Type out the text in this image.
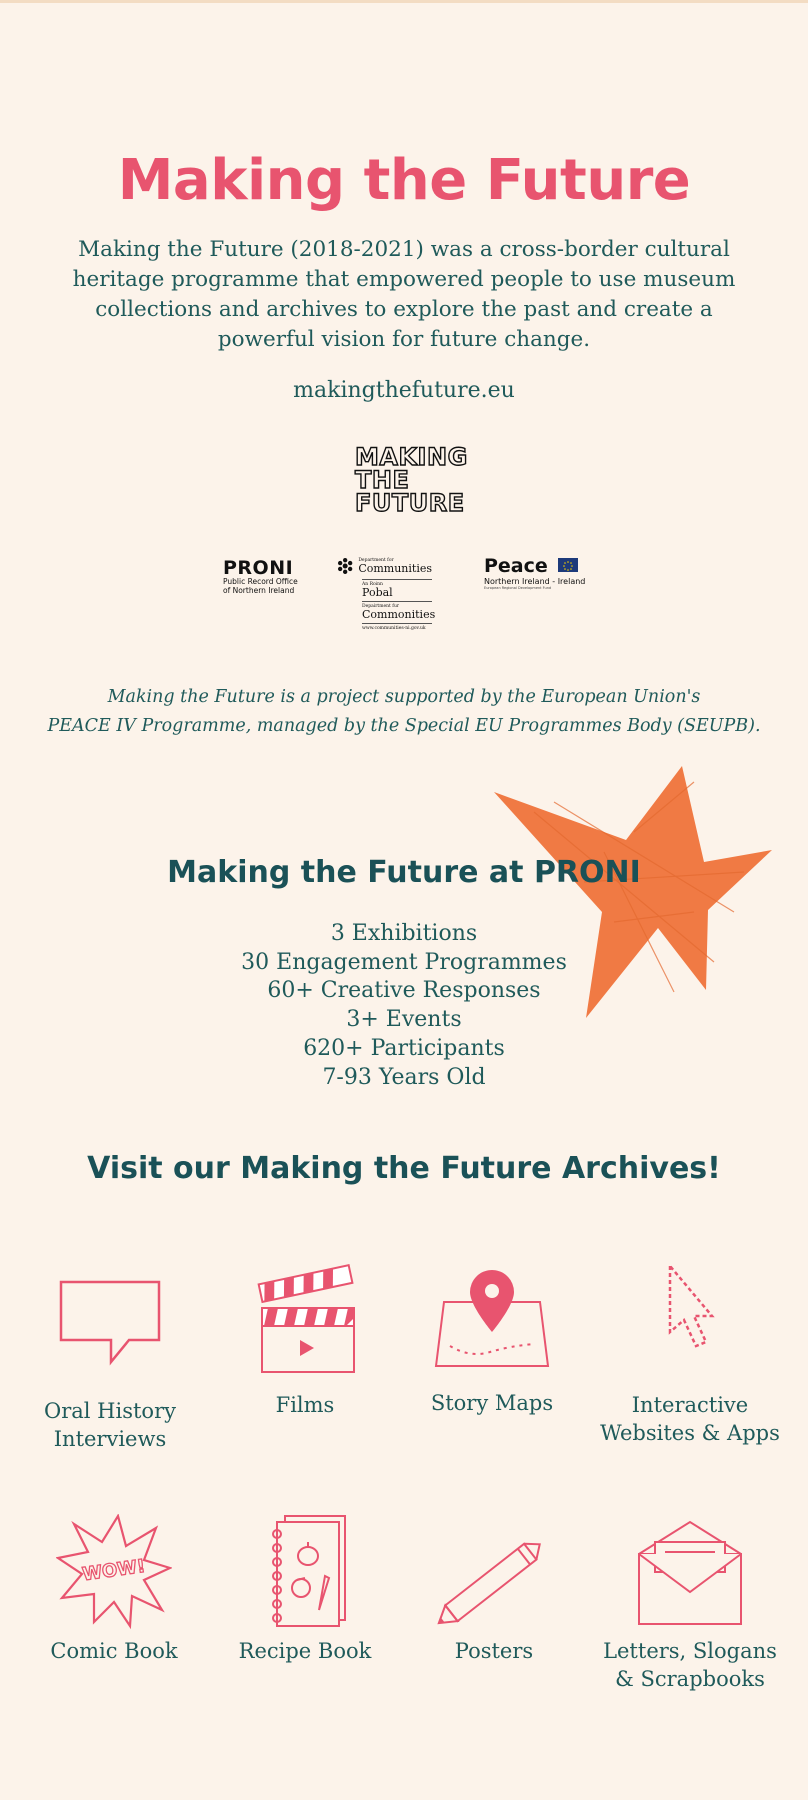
Making the Future

Making the Future (2018-2021) was a cross-border cultural heritage programme that empowered people to use museum collections and archives to explore the past and create a powerful vision for future change.

makingthefuture.eu
MAKING
THE
FUTURE
PRONI
Public Record Office
of Northern Ireland
Department for
Communities
An Roinn
Pobal
Depairtment fur
Commonities
www.communities-ni.gov.uk
Peace
Northern Ireland - Ireland
European Regional Development Fund

Making the Future is a project supported by the European Union's
PEACE IV Programme, managed by the Special EU Programmes Body (SEUPB).

Making the Future at PRONI
3 Exhibitions
30 Engagement Programmes
60+ Creative Responses
3+ Events
620+ Participants
7-93 Years Old
Visit our Making the Future Archives!
Oral History
Interviews
Films	Story Maps	Interactive
Websites & Apps
WOW!
Comic Book	Recipe Book	Posters	Letters, Slogans
& Scrapbooks
